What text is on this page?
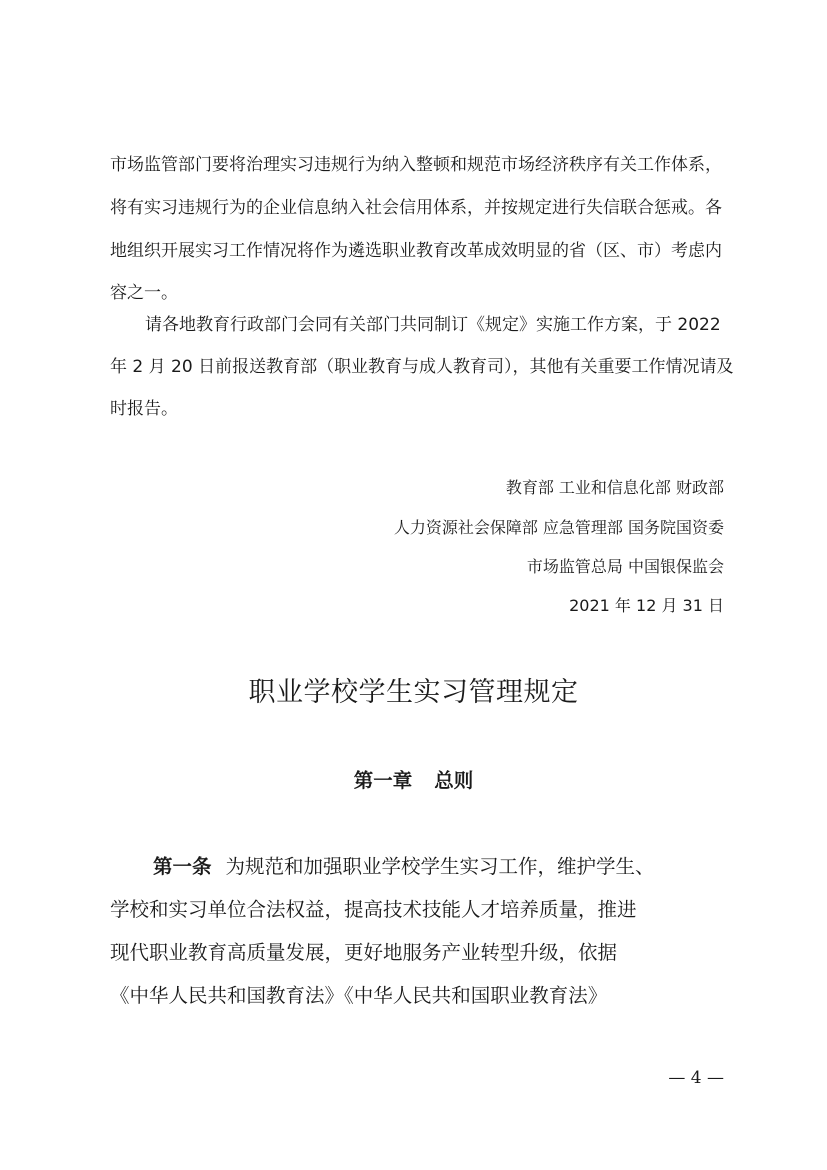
市场监管部门要将治理实习违规行为纳入整顿和规范市场经济秩序有关工作体系，
将有实习违规行为的企业信息纳入社会信用体系，并按规定进行失信联合惩戒。各
地组织开展实习工作情况将作为遴选职业教育改革成效明显的省（区、市）考虑内
容之一。
请各地教育行政部门会同有关部门共同制订《规定》实施工作方案，于 2022
年 2 月 20 日前报送教育部（职业教育与成人教育司），其他有关重要工作情况请及
时报告。
教育部 工业和信息化部 财政部
人力资源社会保障部 应急管理部 国务院国资委
市场监管总局 中国银保监会
2021 年 12 月 31 日
职业学校学生实习管理规定
第一章 总则
第一条 为规范和加强职业学校学生实习工作，维护学生、
学校和实习单位合法权益，提高技术技能人才培养质量，推进
现代职业教育高质量发展，更好地服务产业转型升级，依据
《中华人民共和国教育法》《中华人民共和国职业教育法》
— 4 —
